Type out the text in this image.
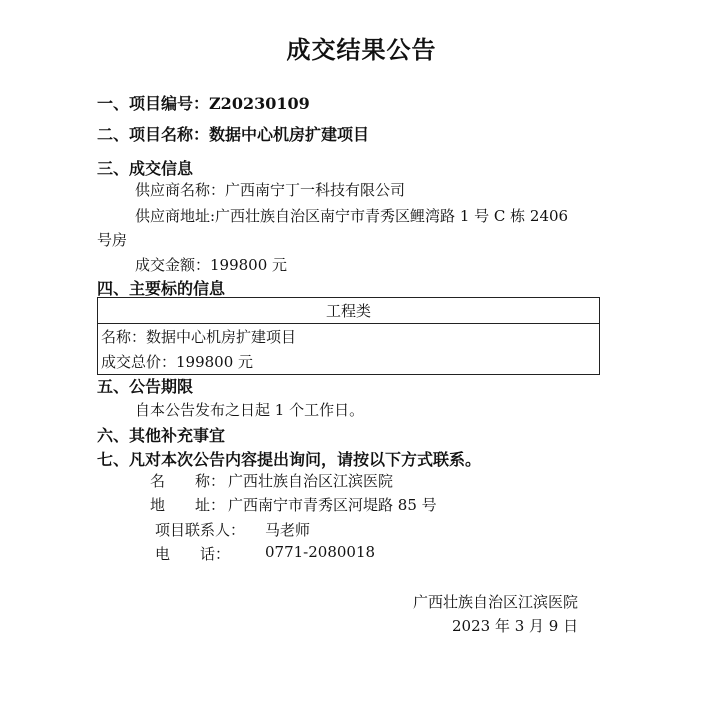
成交结果公告
一、项目编号：Z20230109
二、项目名称：数据中心机房扩建项目
三、成交信息
供应商名称：广西南宁丁一科技有限公司
供应商地址:广西壮族自治区南宁市青秀区鲤湾路 1 号 C 栋 2406
号房
成交金额：199800 元
四、主要标的信息
工程类
名称：数据中心机房扩建项目
成交总价：199800 元
五、公告期限
自本公告发布之日起 1 个工作日。
六、其他补充事宜
七、凡对本次公告内容提出询问，请按以下方式联系。
名　　称： 广西壮族自治区江滨医院
地　　址： 广西南宁市青秀区河堤路 85 号
项目联系人： 马老师
电　　话： 0771-2080018
广西壮族自治区江滨医院
2023 年 3 月 9 日
